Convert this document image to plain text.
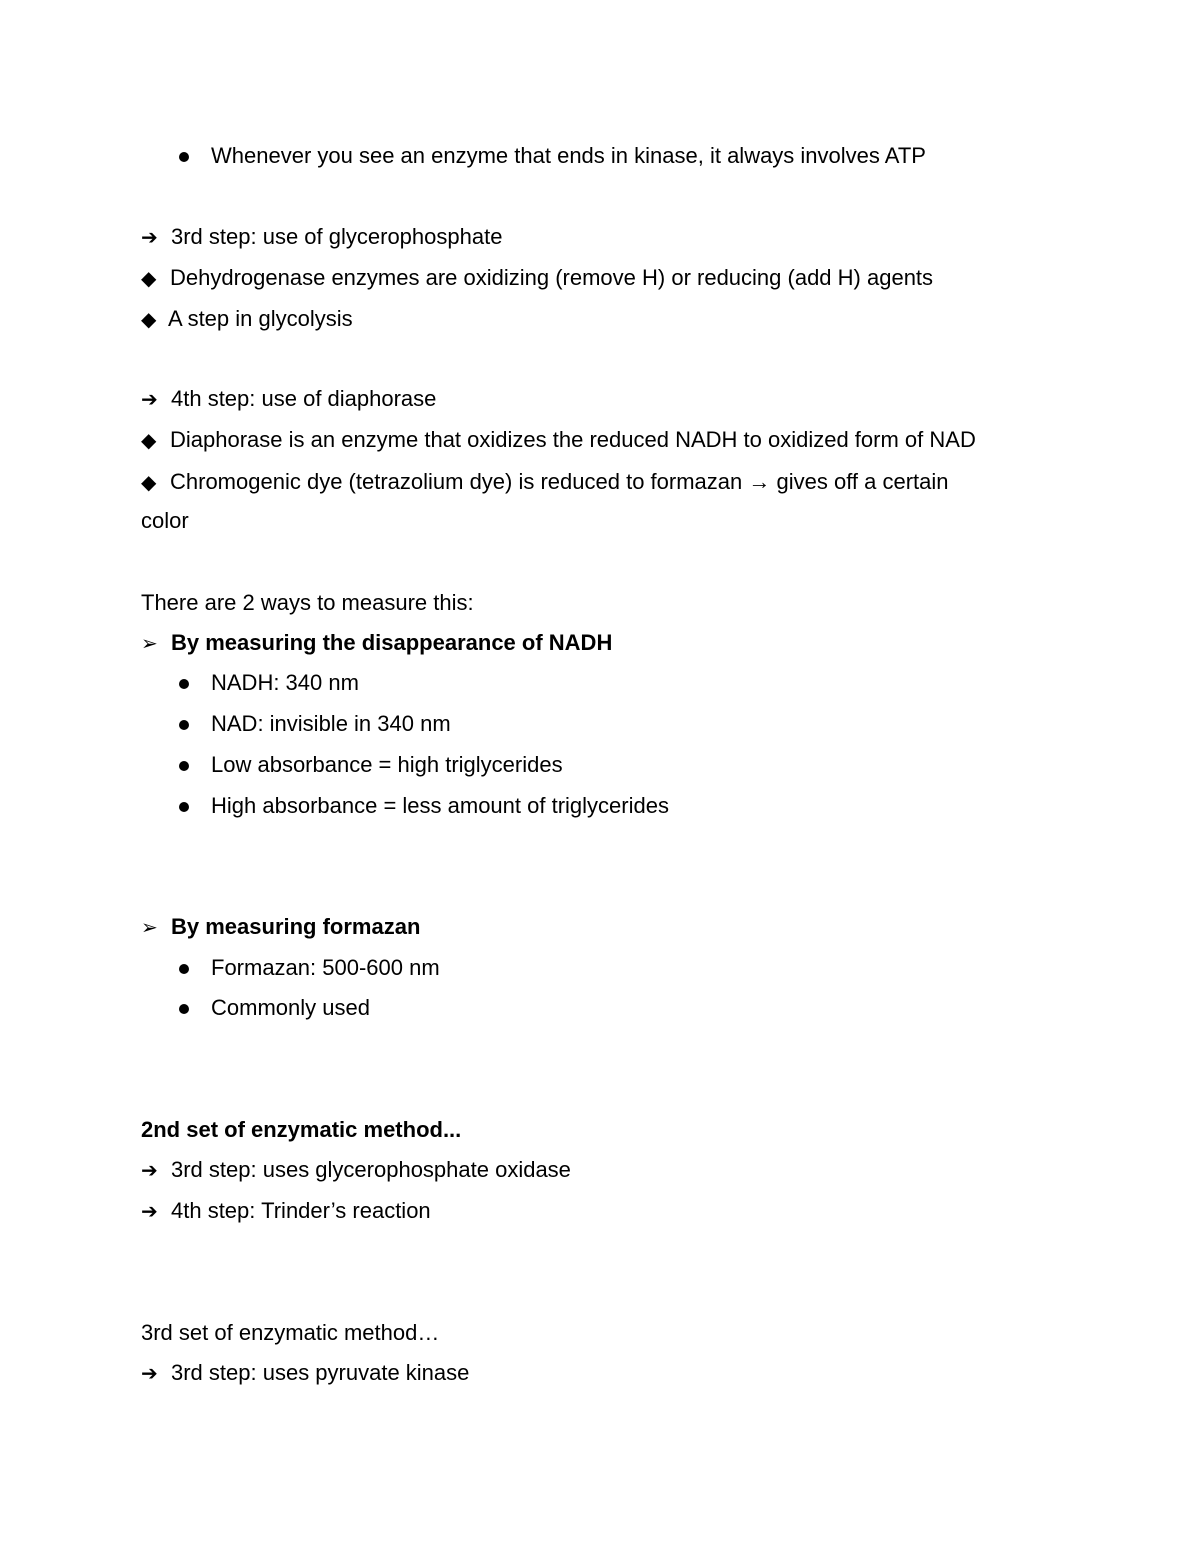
Whenever you see an enzyme that ends in kinase, it always involves ATP
➔ 3rd step: use of glycerophosphate
◆ Dehydrogenase enzymes are oxidizing (remove H) or reducing (add H) agents
◆ A step in glycolysis
➔ 4th step: use of diaphorase
◆ Diaphorase is an enzyme that oxidizes the reduced NADH to oxidized form of NAD
◆ Chromogenic dye (tetrazolium dye) is reduced to formazan → gives off a certain
color
There are 2 ways to measure this:
➢ By measuring the disappearance of NADH
NADH: 340 nm
NAD: invisible in 340 nm
Low absorbance = high triglycerides
High absorbance = less amount of triglycerides
➢ By measuring formazan
Formazan: 500-600 nm
Commonly used
2nd set of enzymatic method...
➔ 3rd step: uses glycerophosphate oxidase
➔ 4th step: Trinder’s reaction
3rd set of enzymatic method…
➔ 3rd step: uses pyruvate kinase
